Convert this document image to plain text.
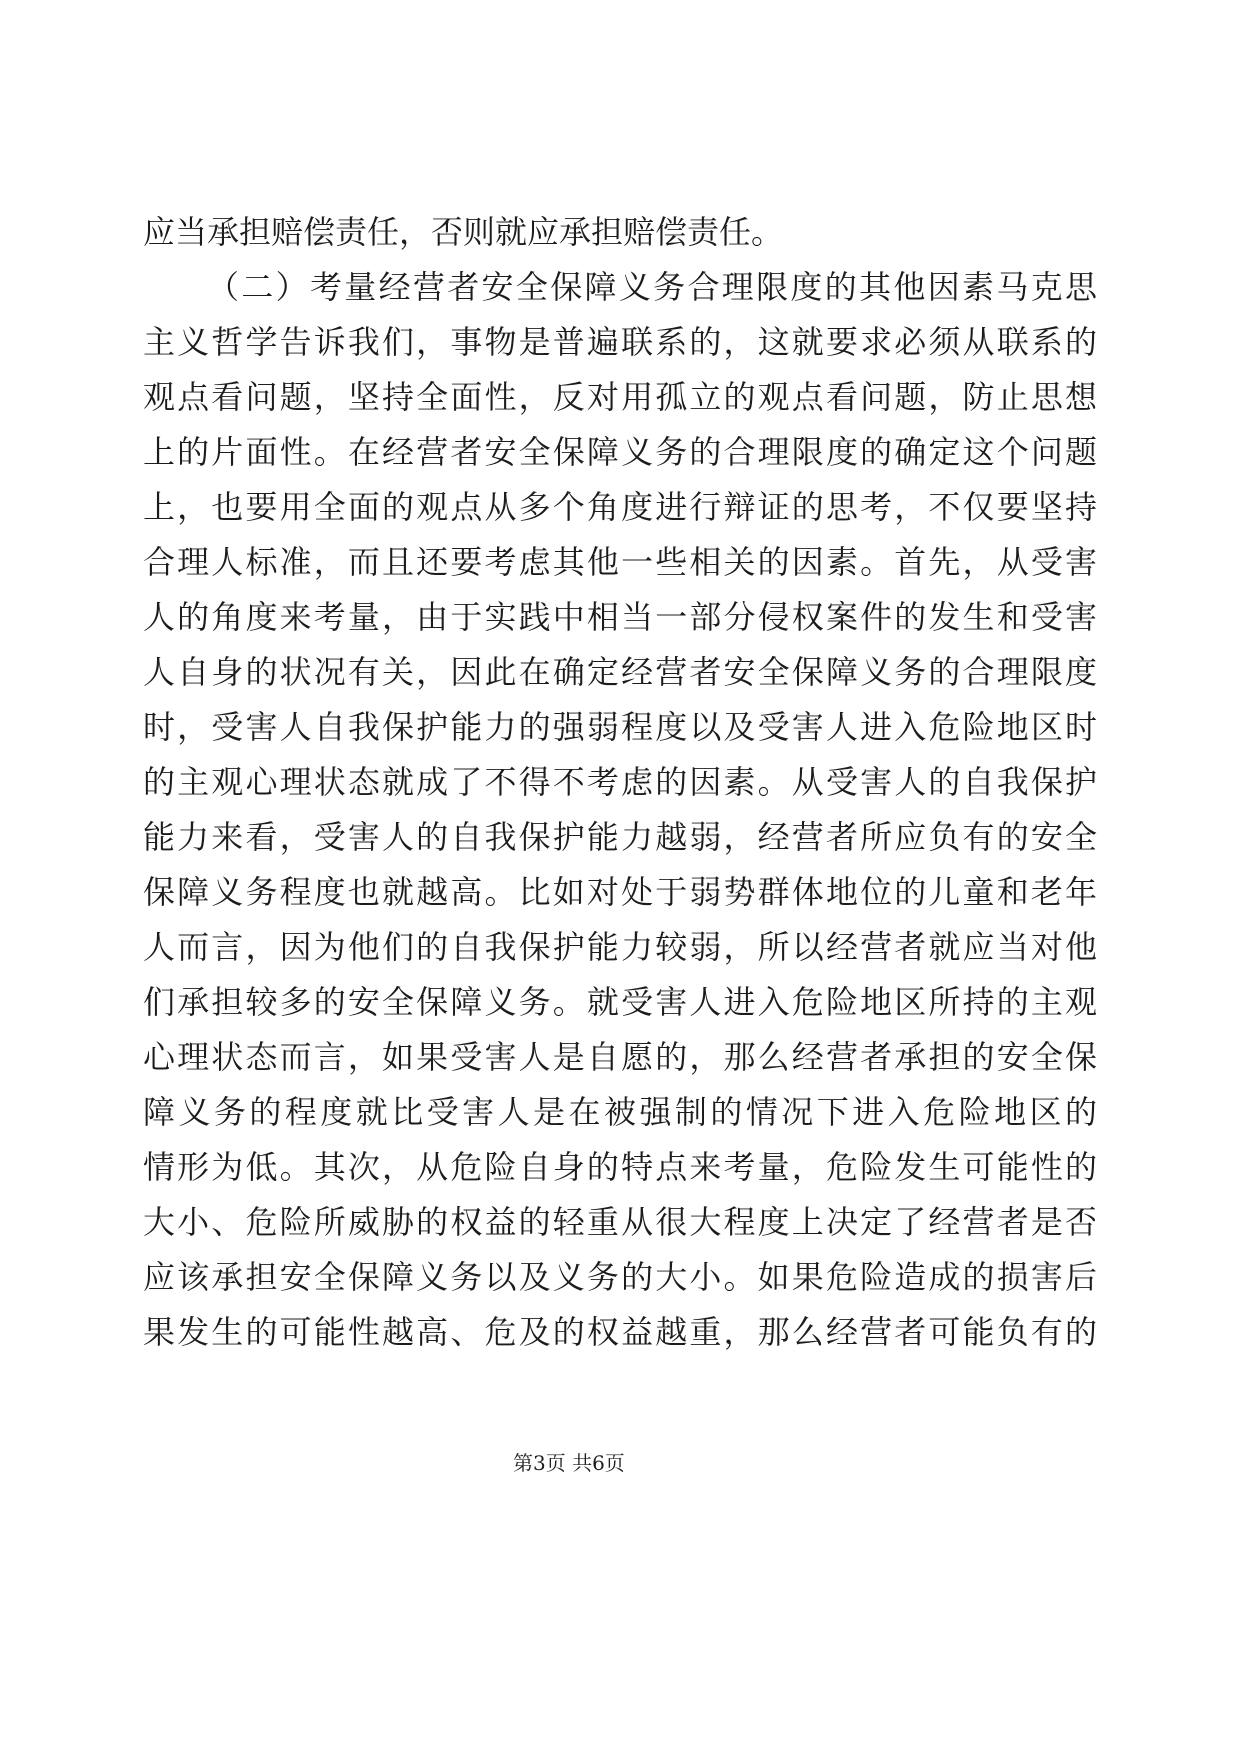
应当承担赔偿责任，否则就应承担赔偿责任。
（二）考量经营者安全保障义务合理限度的其他因素马克思
主义哲学告诉我们，事物是普遍联系的，这就要求必须从联系的
观点看问题，坚持全面性，反对用孤立的观点看问题，防止思想
上的片面性。在经营者安全保障义务的合理限度的确定这个问题
上，也要用全面的观点从多个角度进行辩证的思考，不仅要坚持
合理人标准，而且还要考虑其他一些相关的因素。首先，从受害
人的角度来考量，由于实践中相当一部分侵权案件的发生和受害
人自身的状况有关，因此在确定经营者安全保障义务的合理限度
时，受害人自我保护能力的强弱程度以及受害人进入危险地区时
的主观心理状态就成了不得不考虑的因素。从受害人的自我保护
能力来看，受害人的自我保护能力越弱，经营者所应负有的安全
保障义务程度也就越高。比如对处于弱势群体地位的儿童和老年
人而言，因为他们的自我保护能力较弱，所以经营者就应当对他
们承担较多的安全保障义务。就受害人进入危险地区所持的主观
心理状态而言，如果受害人是自愿的，那么经营者承担的安全保
障义务的程度就比受害人是在被强制的情况下进入危险地区的
情形为低。其次，从危险自身的特点来考量，危险发生可能性的
大小、危险所威胁的权益的轻重从很大程度上决定了经营者是否
应该承担安全保障义务以及义务的大小。如果危险造成的损害后
果发生的可能性越高、危及的权益越重，那么经营者可能负有的
第3页 共6页
